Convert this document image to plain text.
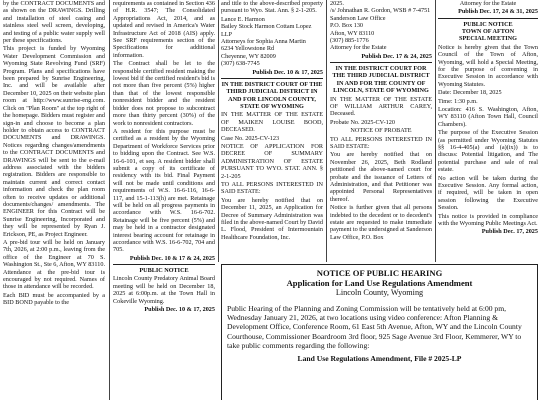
by the CONTRACT DOCUMENTS and as shown on the DRAWINGS. Drilling and installation of steel casing and stainless steel well screen, developing, and testing of a public water supply well per these specifications.

This project is funded by Wyoming Water Development Commission and Wyoming State Revolving Fund (SRF) Program. Plans and specifications have been prepared by Sunrise Engineering, Inc. and will be available after December 10, 2025 on their website plan room at http://www.sunrise-eng.com. Click on "Plan Room" at the top right of the homepage. Bidders must register and sign-in and choose to become a plan holder to obtain access to CONTRACT DOCUMENTS and DRAWINGS. Notices regarding changes/amendments to the CONTRACT DOCUMENTS and DRAWINGS will be sent to the e-mail address associated with the bidders registration. Bidders are responsible to maintain current and correct contact information and check the plan room often to receive updates or additional documents/changes/ amendments. The ENGINEER for this Contract will be Sunrise Engineering, Incorporated and they will be represented by Ryan J. Erickson, PE, as Project Engineer.

A pre-bid tour will be held on January 7th, 2026, at 2:00 p.m., leaving from the office of the Engineer at 70 S. Washington St., Ste 6, Afton, WY 83110. Attendance at the pre-bid tour is encouraged by not required. Names of those in attendance will be recorded.

Each BID must be accompanied by a BID BOND payable to the

requirements as contained in Section 436 of H.R. 3547; The Consolidated Appropriations Act, 2014, and as updated and revised in America's Water Infrastructure Act of 2018 (AIS) apply. See SRF requirements section of the Specifications for additional information.

The Contract shall be let to the responsible certified resident making the lowest bid if the certified resident's bid is not more than five percent (5%) higher than that of the lowest responsible nonresident bidder and the resident bidder does not propose to subcontract more than thirty percent (30%) of the work to nonresident contractors.

A resident for this purpose must be certified as a resident by the Wyoming Department of Workforce Services prior to bidding upon the Contract. See W.S. 16-6-101, et seq. A resident bidder shall submit a copy of its certificate of residency with its bid. Final Payment will not be made until conditions and requirements of W.S. 16-6-116, 16-6-117, and 15-1-113(h) are met. Retainage will be held on all progress payments in accordance with W.S. 16-6-702. Retainage will be five percent (5%) and may be held in a contractor designated interest bearing account for retainage in accordance with W.S. 16-6-702, 704 and 705.

Publish Dec. 10 & 17 & 24, 2025

PUBLIC NOTICE

Lincoln County Predatory Animal Board meeting will be held on December 18, 2025 at 6:00p.m. at the Town Hall in Cokeville Wyoming.

Publish Dec. 10 & 17, 2025

and title to the above-described property pursuant to Wyo. Stat. Ann. § 2-1-205.

Lance E. Harmon
Bailey Stock Harmon Cottam Lopez LLP
Attorneys for Sophia Anna Martin
6234 Yellowstone Rd
Cheyenne, WY 82009
(307) 638-7745

Publish Dec. 10 & 17, 2025

IN THE DISTRICT COURT OF THE THIRD JUDICIAL DISTRICT IN AND FOR LINCOLN COUNTY, STATE OF WYOMING

IN THE MATTER OF THE ESTATE OF MAIKEN LOUISE BOOD, DECEASED.

Case No. 2025-CV-123

NOTICE OF APPLICATION FOR DECREE OF SUMMARY ADMINISTRATION OF ESTATE PURSUANT TO WYO. STAT. ANN. § 2-1-205

TO ALL PERSONS INTERESTED IN SAID ESTATE:

You are hereby notified that on December 11, 2025, an Application for Decree of Summary Administration was filed in the above-named Court by David L. Flood, President of Intermountain Healthcare Foundation, Inc.

2025.
/s/ Johnathan R. Gordon, WSB # 7-4751
Sanderson Law Office
P.O. Box 130
Afton, WY 83110
(307) 885-1776
Attorney for the Estate

Publish Dec. 17 & 24, 2025

IN THE DISTRICT COURT FOR THE THIRD JUDICIAL DISTRICT IN AND FOR THE COUNTY OF LINCOLN, STATE OF WYOMING

IN THE MATTER OF THE ESTATE OF WILLIAM ARTHUR CAREY, Deceased.

Probate No. 2025-CV-120

NOTICE OF PROBATE

TO ALL PERSONS INTERESTED IN SAID ESTATE:

You are hereby notified that on November 26, 2025, Beth Rodland petitioned the above-named court for probate and the issuance of Letters of Administration, and that Petitioner was appointed Personal Representatives thereof.

Notice is further given that all persons indebted to the decedent or to decedent's estate are requested to make immediate payment to the undersigned at Sanderson Law Office, P.O. Box

Attorney for the Estate

Publish Dec. 17, 24 & 31, 2025

PUBLIC NOTICE
TOWN OF AFTON
SPECIAL MEETING

Notice is hereby given that the Town Council of the Town of Afton, Wyoming, will hold a Special Meeting, for the purpose of convening in Executive Session in accordance with Wyoming Statutes.

Date: December 18, 2025

Time: 1:30 p.m.

Location: 416 S. Washington, Afton, WY 83110 (Afton Town Hall, Council Chambers).

The purpose of the Executive Session (as permitted under Wyoming Statutes §§ 16-4-405(a) and (a)(ix)) is to discuss: Potential litigation, and The potential purchase and sale of real estate.

No action will be taken during the Executive Session. Any formal action, if required, will be taken in open session following the Executive Session.

This notice is provided in compliance with the Wyoming Public Meetings Act.

Publish Dec. 17, 2025

NOTICE OF PUBLIC HEARING
Application for Land Use Regulations Amendment
Lincoln County, Wyoming
Public Hearing of the Planning and Zoning Commission will be tentatively held at 6:00 pm, Wednesday January 21, 2026, at two locations using video conference: Afton Planning & Development Office, Conference Room, 61 East 5th Avenue, Afton, WY and the Lincoln County Courthouse, Commissioner Boardroom 3rd floor, 925 Sage Avenue 3rd Floor, Kemmerer, WY to take public comments regarding the following:
Land Use Regulations Amendment, File # 2025-LP
